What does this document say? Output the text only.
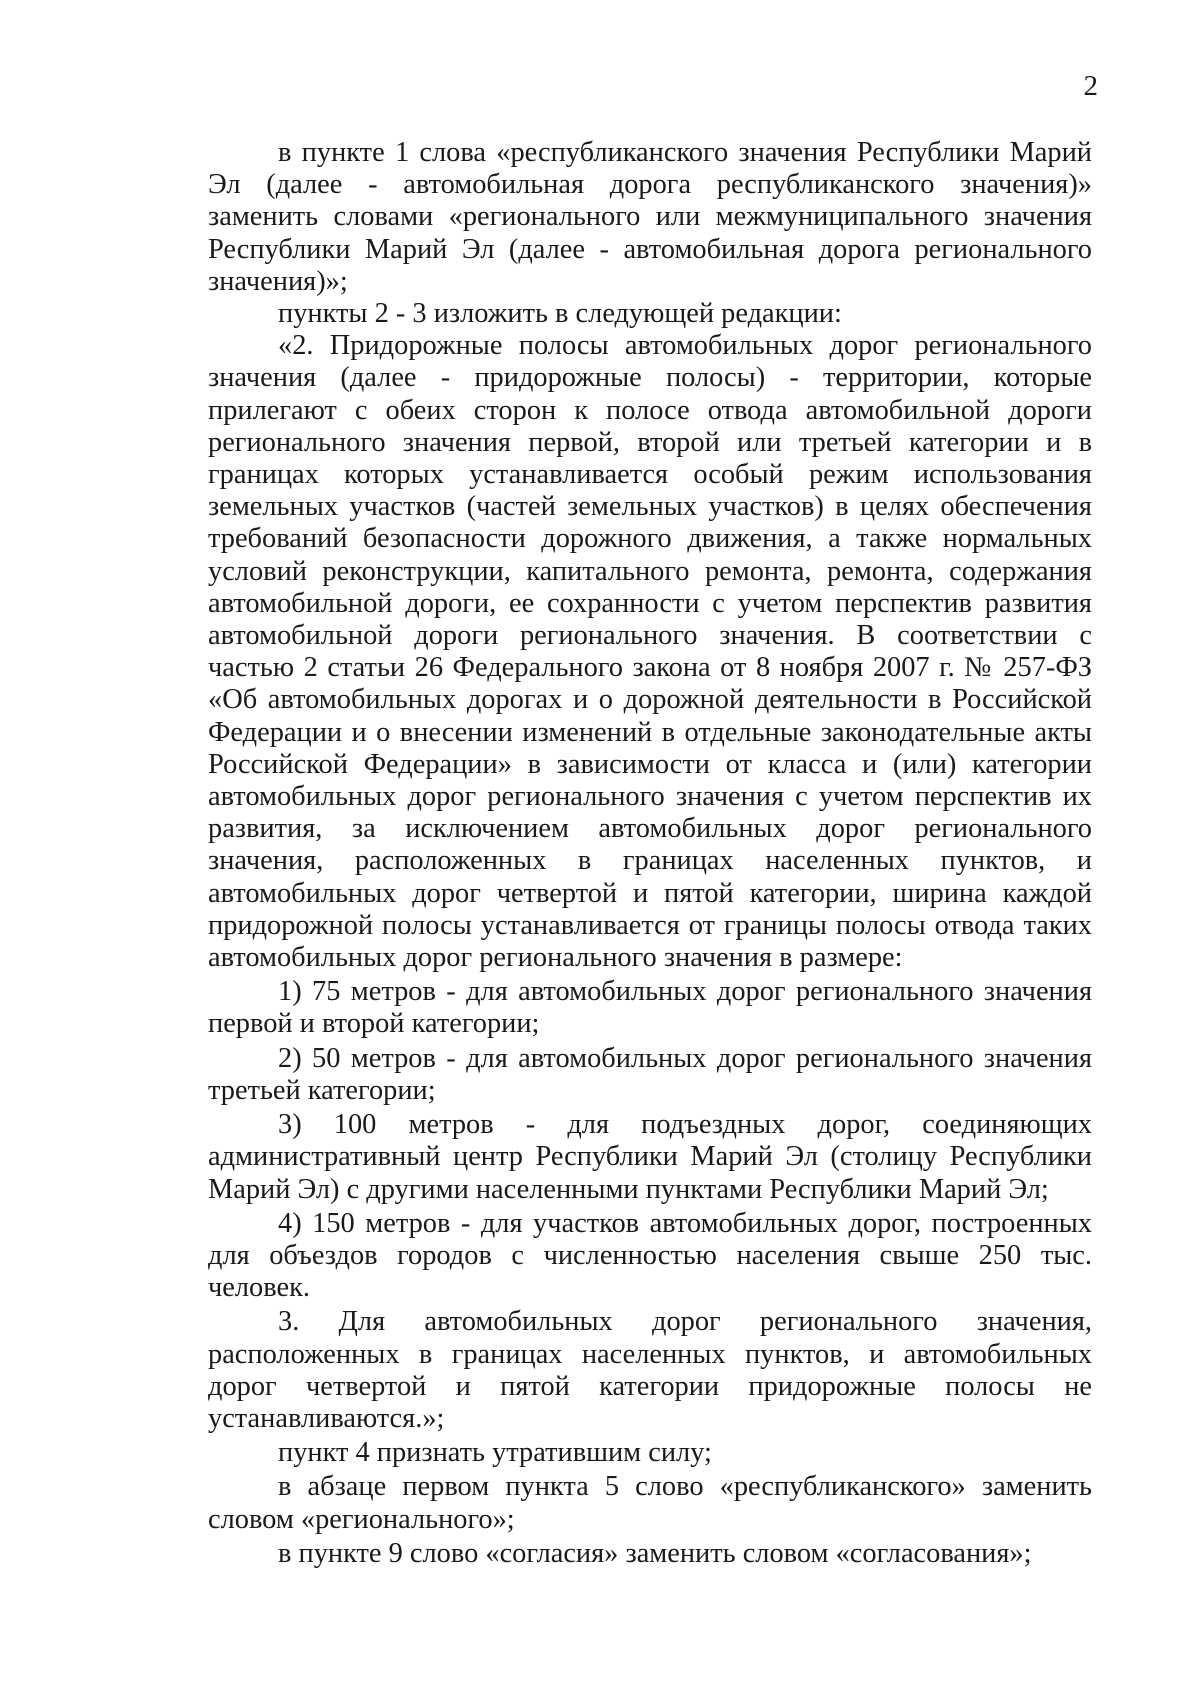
2

в пункте 1 слова «республиканского значения Республики Марий Эл (далее - автомобильная дорога республиканского значения)» заменить словами «регионального или межмуниципального значения Республики Марий Эл (далее - автомобильная дорога регионального значения)»;

пункты 2 - 3 изложить в следующей редакции:

«2. Придорожные полосы автомобильных дорог регионального значения (далее - придорожные полосы) - территории, которые прилегают с обеих сторон к полосе отвода автомобильной дороги регионального значения первой, второй или третьей категории и в границах которых устанавливается особый режим использования земельных участков (частей земельных участков) в целях обеспечения требований безопасности дорожного движения, а также нормальных условий реконструкции, капитального ремонта, ремонта, содержания автомобильной дороги, ее сохранности с учетом перспектив развития автомобильной дороги регионального значения. В соответствии с частью 2 статьи 26 Федерального закона от 8 ноября 2007 г. № 257-ФЗ «Об автомобильных дорогах и о дорожной деятельности в Российской Федерации и о внесении изменений в отдельные законодательные акты Российской Федерации» в зависимости от класса и (или) категории автомобильных дорог регионального значения с учетом перспектив их развития, за исключением автомобильных дорог регионального значения, расположенных в границах населенных пунктов, и автомобильных дорог четвертой и пятой категории, ширина каждой придорожной полосы устанавливается от границы полосы отвода таких автомобильных дорог регионального значения в размере:

1) 75 метров - для автомобильных дорог регионального значения первой и второй категории;

2) 50 метров - для автомобильных дорог регионального значения третьей категории;

3) 100 метров - для подъездных дорог, соединяющих административный центр Республики Марий Эл (столицу Республики Марий Эл) с другими населенными пунктами Республики Марий Эл;

4) 150 метров - для участков автомобильных дорог, построенных для объездов городов с численностью населения свыше 250 тыс. человек.

3. Для автомобильных дорог регионального значения, расположенных в границах населенных пунктов, и автомобильных дорог четвертой и пятой категории придорожные полосы не устанавливаются.»;

пункт 4 признать утратившим силу;

в абзаце первом пункта 5 слово «республиканского» заменить словом «регионального»;

в пункте 9 слово «согласия» заменить словом «согласования»;
